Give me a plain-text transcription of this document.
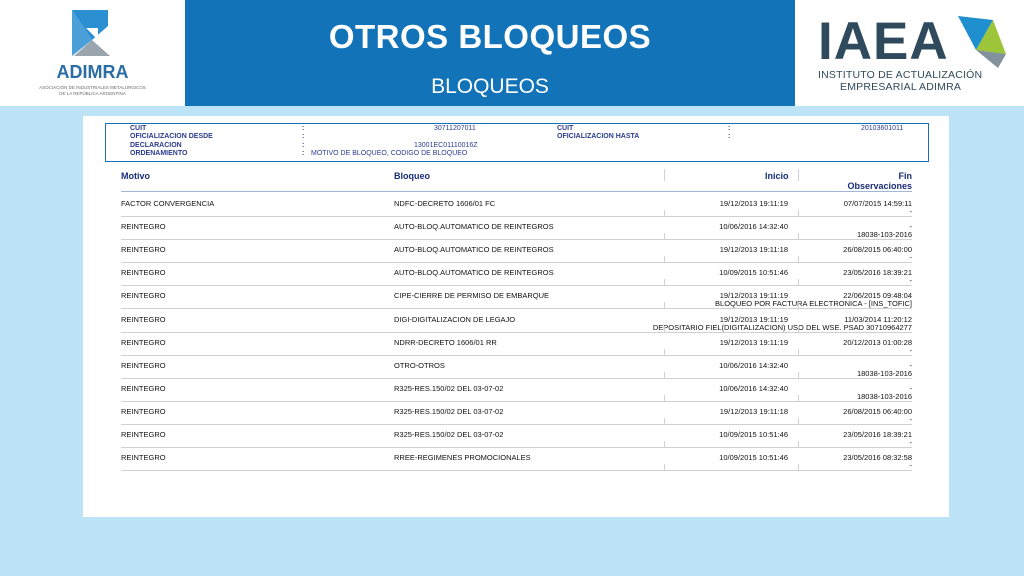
ADIMRA
ASOCIACIÓN DE INDUSTRIALES METALÚRGICOS
DE LA REPÚBLICA ARGENTINA
OTROS BLOQUEOS
BLOQUEOS
IAEA
INSTITUTO DE ACTUALIZACIÓN
EMPRESARIAL ADIMRA
CUIT	:	30711207011
OFICIALIZACION DESDE	:
DECLARACION	:	13001EC01110016Z
ORDENAMIENTO	: MOTIVO DE BLOQUEO, CODIGO DE BLOQUEO
CUIT	:	20103601011
OFICIALIZACION HASTA	:
Motivo	Bloqueo	Inicio	Fin
Observaciones
FACTOR CONVERGENCIA	NDFC-DECRETO 1606/01 FC	19/12/2013 19:11:19	07/07/2015 14:59:11
-
REINTEGRO	AUTO-BLOQ.AUTOMATICO DE REINTEGROS	10/06/2016 14:32:40	-
18038-103-2016
REINTEGRO	AUTO-BLOQ.AUTOMATICO DE REINTEGROS	19/12/2013 19:11:18	26/08/2015 06:40:00
-
REINTEGRO	AUTO-BLOQ.AUTOMATICO DE REINTEGROS	10/09/2015 10:51:46	23/05/2016 18:39:21
-
REINTEGRO	CIPE-CIERRE DE PERMISO DE EMBARQUE	19/12/2013 19:11:19	22/06/2015 09:48:04
BLOQUEO POR FACTURA ELECTRONICA - [INS_TOFIC]
REINTEGRO	DIGI-DIGITALIZACION DE LEGAJO	19/12/2013 19:11:19	11/03/2014 11:20:12
DEPOSITARIO FIEL(DIGITALIZACION) USO DEL WSE. PSAD 30710964277
REINTEGRO	NDRR-DECRETO 1606/01 RR	19/12/2013 19:11:19	20/12/2013 01:00:28
-
REINTEGRO	OTRO-OTROS	10/06/2016 14:32:40	-
18038-103-2016
REINTEGRO	R325-RES.150/02 DEL 03-07-02	10/06/2016 14:32:40	-
18038-103-2016
REINTEGRO	R325-RES.150/02 DEL 03-07-02	19/12/2013 19:11:18	26/08/2015 06:40:00
-
REINTEGRO	R325-RES.150/02 DEL 03-07-02	10/09/2015 10:51:46	23/05/2016 18:39:21
-
REINTEGRO	RREE-REGIMENES PROMOCIONALES	10/09/2015 10:51:46	23/05/2016 08:32:58
-
